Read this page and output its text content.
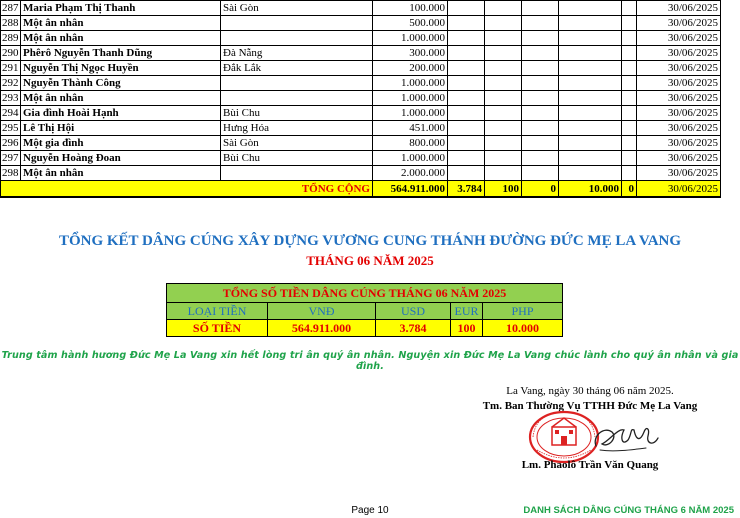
287	Maria Phạm Thị Thanh	Sài Gòn	100.000						30/06/2025
288	Một ân nhân		500.000						30/06/2025
289	Một ân nhân		1.000.000						30/06/2025
290	Phêrô Nguyễn Thanh Dũng	Đà Nẵng	300.000						30/06/2025
291	Nguyễn Thị Ngọc Huyền	Đắk Lắk	200.000						30/06/2025
292	Nguyễn Thành Công		1.000.000						30/06/2025
293	Một ân nhân		1.000.000						30/06/2025
294	Gia đình Hoài Hạnh	Bùi Chu	1.000.000						30/06/2025
295	Lê Thị Hội	Hưng Hóa	451.000						30/06/2025
296	Một gia đình	Sài Gòn	800.000						30/06/2025
297	Nguyễn Hoàng Đoan	Bùi Chu	1.000.000						30/06/2025
298	Một ân nhân		2.000.000						30/06/2025
		TỔNG CỘNG	564.911.000	3.784	100	0	10.000	0	30/06/2025
TỔNG KẾT DÂNG CÚNG XÂY DỰNG VƯƠNG CUNG THÁNH ĐƯỜNG ĐỨC MẸ LA VANG
THÁNG 06 NĂM 2025
TỔNG SỐ TIỀN DÂNG CÚNG THÁNG 06 NĂM 2025				
LOẠI TIỀN	VNĐ	USD	EUR	PHP
SỐ TIỀN	564.911.000	3.784	100	10.000
Trung tâm hành hương Đức Mẹ La Vang xin hết lòng tri ân quý ân nhân. Nguyện xin Đức Mẹ La Vang chúc lành cho quý ân nhân và gia đình.
La Vang, ngày 30 tháng 06 năm 2025.
Tm. Ban Thường Vụ TTHH Đức Mẹ La Vang
Lm. Phaolô Trần Văn Quang
Page 10	DANH SÁCH DÂNG CÚNG THÁNG 6 NĂM 2025
